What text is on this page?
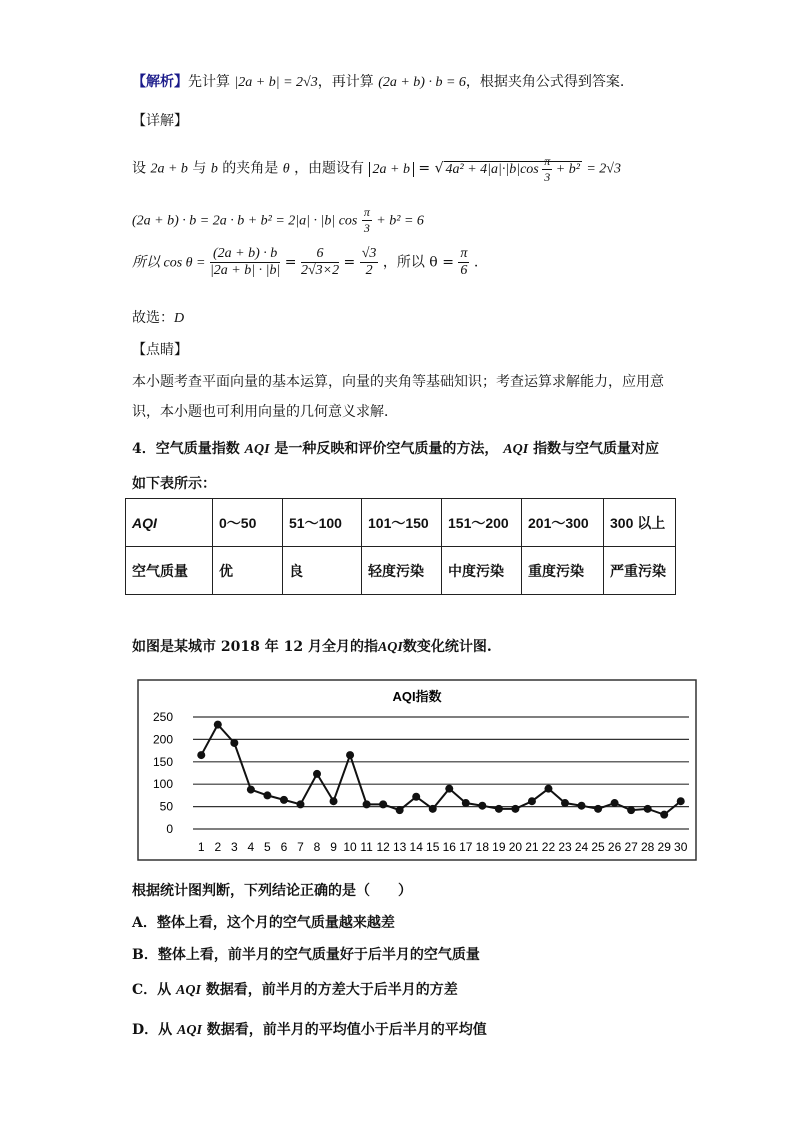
【解析】先计算 |2a + b| = 2√3，再计算 (2a + b) · b = 6，根据夹角公式得到答案.
【详解】
设 2a + b 与 b 的夹角是 θ ，由题设有 2a + b = √ $4a^2 + 4|a|\cdot|b|\cos \frac{\pi}{3} + b^2 = 2√3$
(2a + b) · b = 2a · b + b² = 2|a| · |b| $\cos \frac{\pi}{3} + b^2 = 6$
所以 $\cos \theta = \frac{(2a + b) \cdot b}{|2a + b| \cdot |b|} = \frac{6}{2√3\times 2} = \frac{√3}{2}$ ，所以 $\theta = \frac{\pi}{6}$ .
故选：D
【点睛】
本小题考查平面向量的基本运算，向量的夹角等基础知识；考查运算求解能力，应用意
识，本小题也可利用向量的几何意义求解．
4．空气质量指数 AQI 是一种反映和评价空气质量的方法， AQI 指数与空气质量对应
如下表所示：
AQI	0～50	51～100	101～150	151～200	201～300	300 以上
空气质量	优	良	轻度污染	中度污染	重度污染	严重污染
如图是某城市 2018 年 12 月全月的指AQI数变化统计图.
AQI指数
0
50
100
150
200
250
1 2 3 4 5 6 7 8 9 10 11 12 13 14 15 16 17 18 19 20 21 22 23 24 25 26 27 28 29 30
根据统计图判断，下列结论正确的是（　　）
A．整体上看，这个月的空气质量越来越差
B．整体上看，前半月的空气质量好于后半月的空气质量
C．从 AQI 数据看，前半月的方差大于后半月的方差
D．从 AQI 数据看，前半月的平均值小于后半月的平均值
